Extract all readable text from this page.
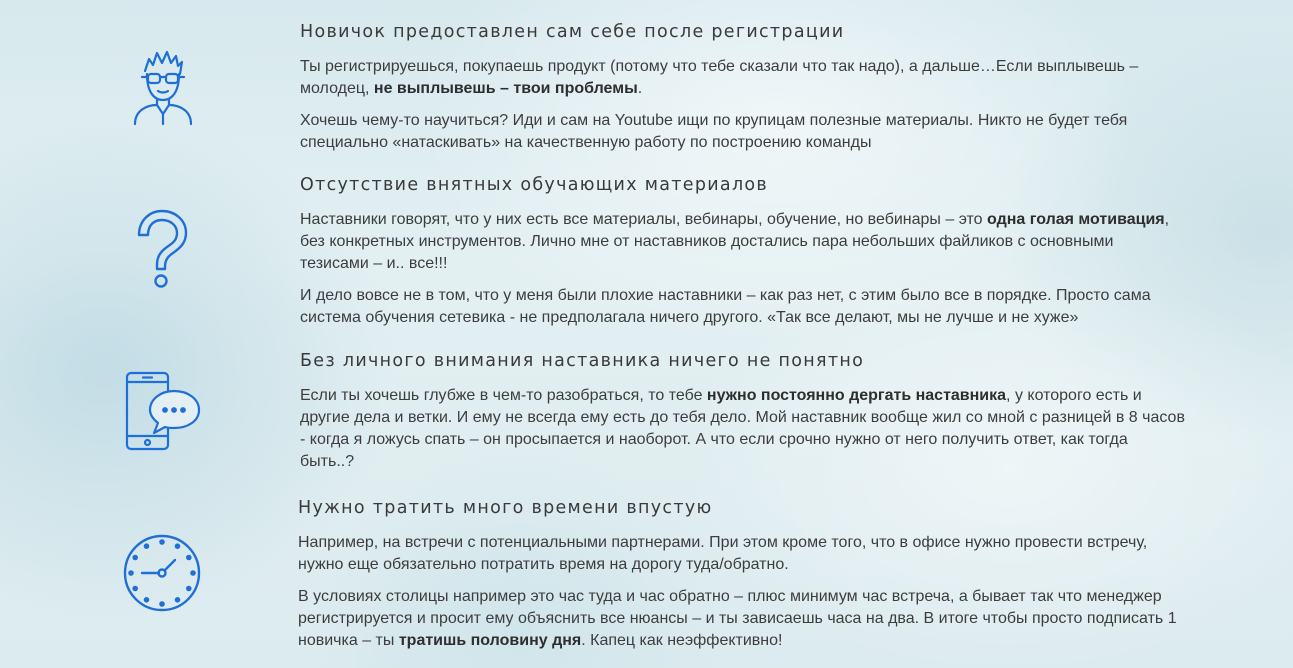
Новичок предоставлен сам себе после регистрации

Ты регистрируешься, покупаешь продукт (потому что тебе сказали что так надо), а дальше…Если выплывешь – молодец, не выплывешь – твои проблемы.

Хочешь чему-то научиться? Иди и сам на Youtube ищи по крупицам полезные материалы. Никто не будет тебя специально «натаскивать» на качественную работу по построению команды

Отсутствие внятных обучающих материалов

Наставники говорят, что у них есть все материалы, вебинары, обучение, но вебинары – это одна голая мотивация, без конкретных инструментов. Лично мне от наставников достались пара небольших файликов с основными тезисами – и.. все!!!

И дело вовсе не в том, что у меня были плохие наставники – как раз нет, с этим было все в порядке. Просто сама система обучения сетевика - не предполагала ничего другого. «Так все делают, мы не лучше и не хуже»

Без личного внимания наставника ничего не понятно

Если ты хочешь глубже в чем-то разобраться, то тебе нужно постоянно дергать наставника, у которого есть и другие дела и ветки. И ему не всегда ему есть до тебя дело. Мой наставник вообще жил со мной с разницей в 8 часов - когда я ложусь спать – он просыпается и наоборот. А что если срочно нужно от него получить ответ, как тогда быть..?

Нужно тратить много времени впустую

Например, на встречи с потенциальными партнерами. При этом кроме того, что в офисе нужно провести встречу, нужно еще обязательно потратить время на дорогу туда/обратно.

В условиях столицы например это час туда и час обратно – плюс минимум час встреча, а бывает так что менеджер регистрируется и просит ему объяснить все нюансы – и ты зависаешь часа на два. В итоге чтобы просто подписать 1 новичка – ты тратишь половину дня. Капец как неэффективно!
